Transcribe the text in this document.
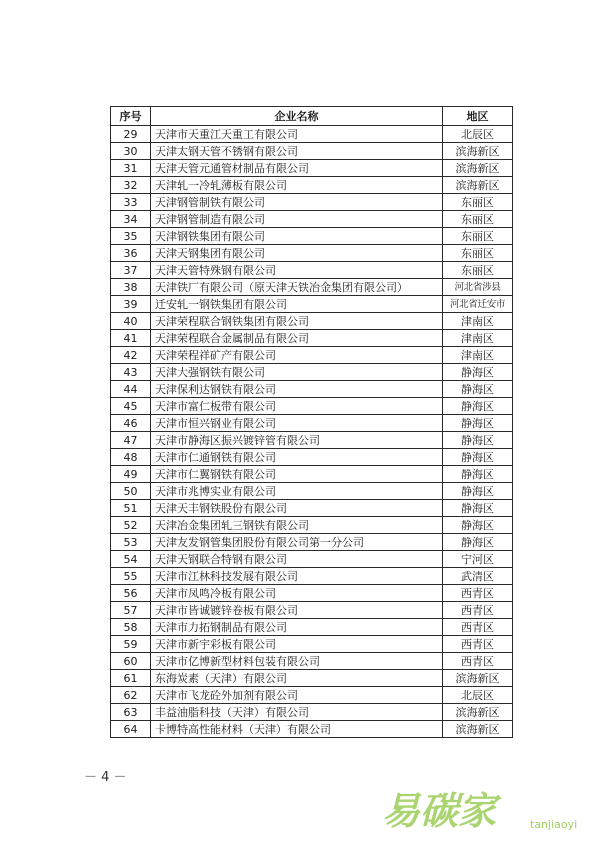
序号	企业名称	地区
29	天津市天重江天重工有限公司	北辰区
30	天津太钢天管不锈钢有限公司	滨海新区
31	天津天管元通管材制品有限公司	滨海新区
32	天津轧一冷轧薄板有限公司	滨海新区
33	天津钢管制铁有限公司	东丽区
34	天津钢管制造有限公司	东丽区
35	天津钢铁集团有限公司	东丽区
36	天津天钢集团有限公司	东丽区
37	天津天管特殊钢有限公司	东丽区
38	天津铁厂有限公司（原天津天铁冶金集团有限公司）	河北省涉县
39	迁安轧一钢铁集团有限公司	河北省迁安市
40	天津荣程联合钢铁集团有限公司	津南区
41	天津荣程联合金属制品有限公司	津南区
42	天津荣程祥矿产有限公司	津南区
43	天津大强钢铁有限公司	静海区
44	天津保利达钢铁有限公司	静海区
45	天津市富仁板带有限公司	静海区
46	天津市恒兴钢业有限公司	静海区
47	天津市静海区振兴镀锌管有限公司	静海区
48	天津市仁通钢铁有限公司	静海区
49	天津市仁翼钢铁有限公司	静海区
50	天津市兆博实业有限公司	静海区
51	天津天丰钢铁股份有限公司	静海区
52	天津冶金集团轧三钢铁有限公司	静海区
53	天津友发钢管集团股份有限公司第一分公司	静海区
54	天津天钢联合特钢有限公司	宁河区
55	天津市江林科技发展有限公司	武清区
56	天津市凤鸣冷板有限公司	西青区
57	天津市皆诚镀锌卷板有限公司	西青区
58	天津市力拓钢制品有限公司	西青区
59	天津市新宇彩板有限公司	西青区
60	天津市亿博新型材料包装有限公司	西青区
61	东海炭素（天津）有限公司	滨海新区
62	天津市飞龙砼外加剂有限公司	北辰区
63	丰益油脂科技（天津）有限公司	滨海新区
64	卡博特高性能材料（天津）有限公司	滨海新区
－ 4 －
易碳家	tanjiaoyi
